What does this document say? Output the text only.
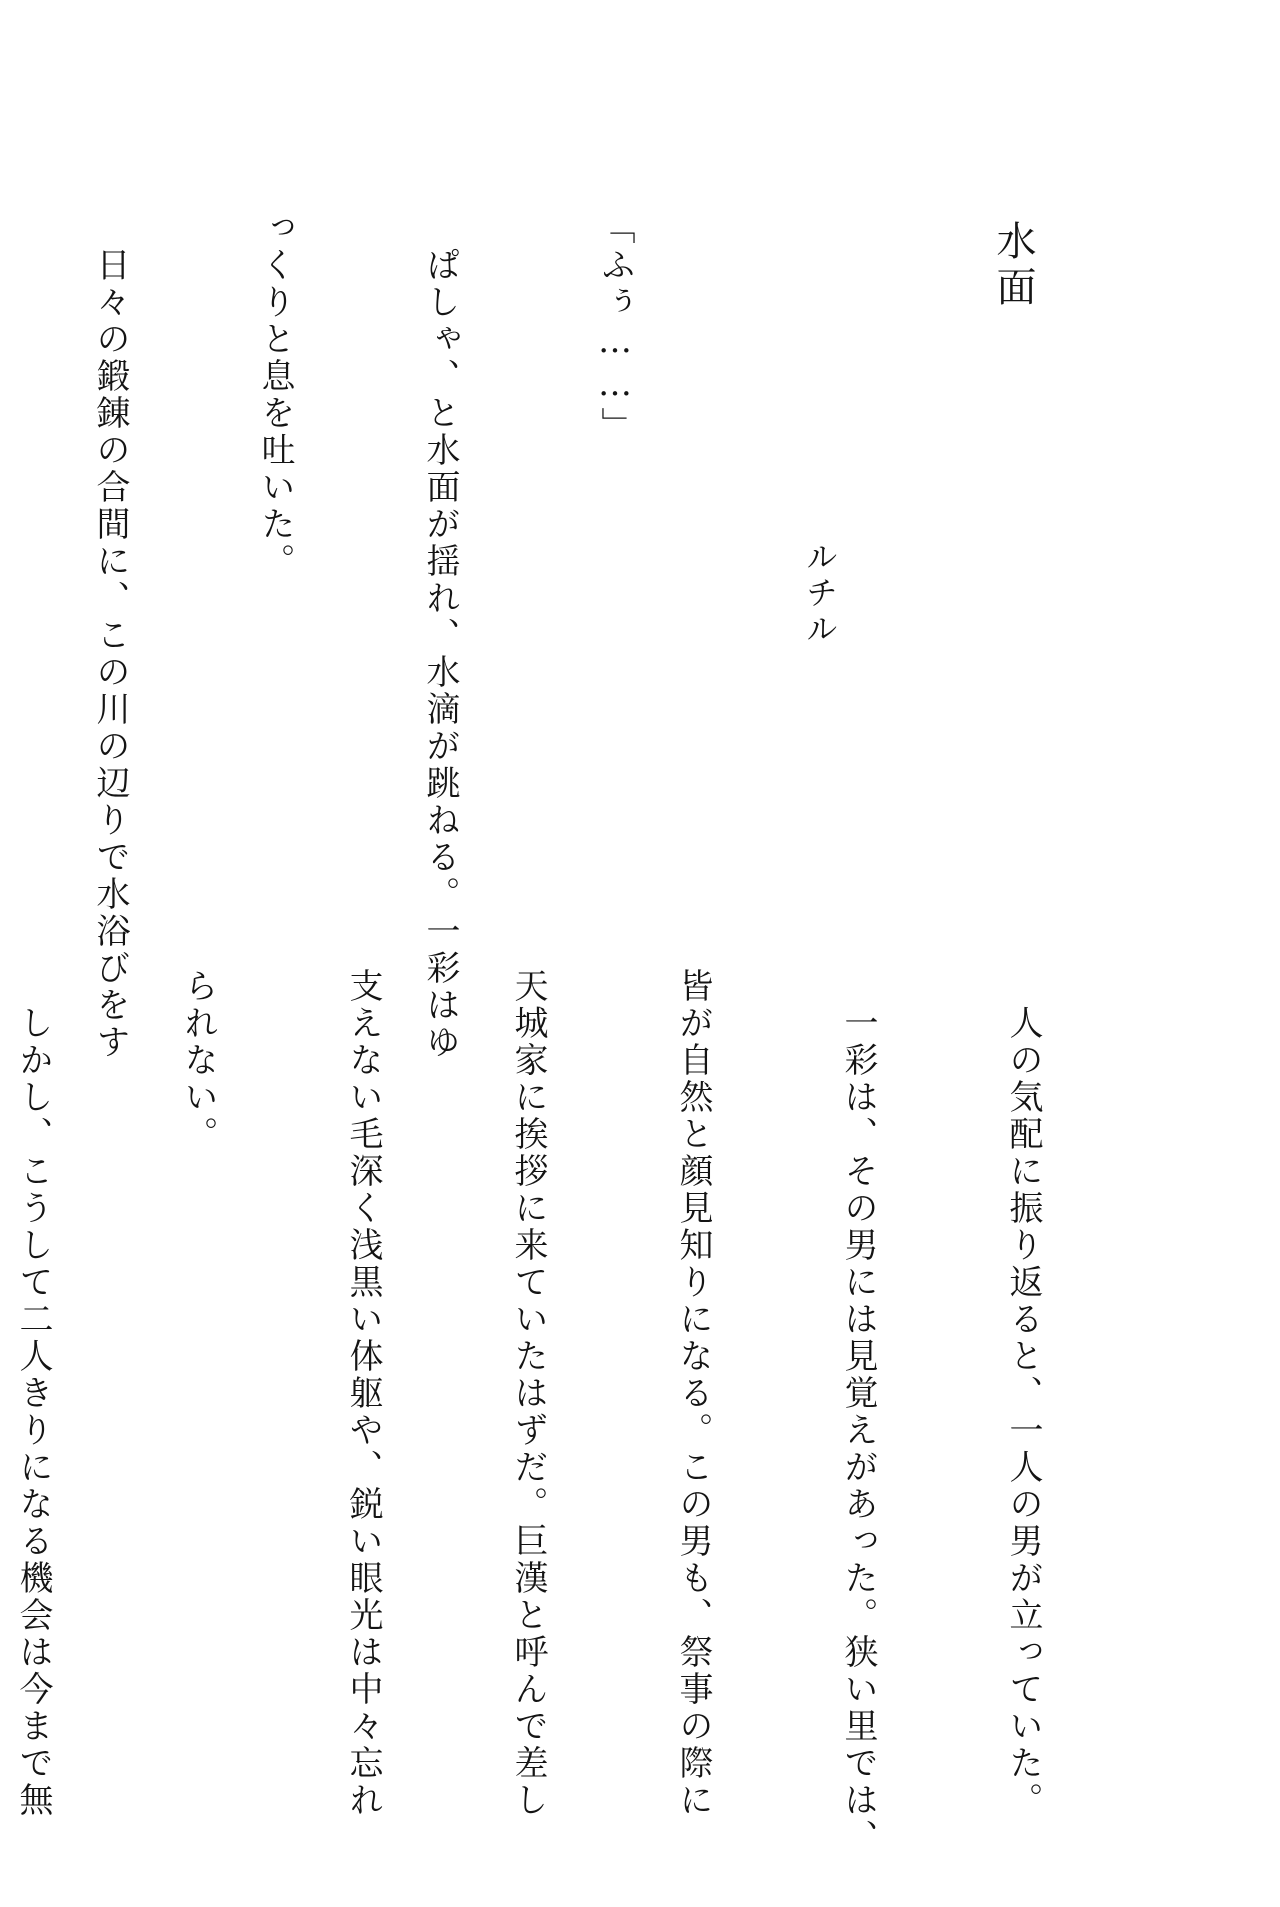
水面

ルチル

「ふぅ……」

　ぱしゃ、と水面が揺れ、水滴が跳ねる。一彩はゆ

っくりと息を吐いた。

　日々の鍛錬の合間に、この川の辺りで水浴びをす

　人の気配に振り返ると、一人の男が立っていた。

　一彩は、その男には見覚えがあった。狭い里では、

皆が自然と顔見知りになる。この男も、祭事の際に

天城家に挨拶に来ていたはずだ。巨漢と呼んで差し

支えない毛深く浅黒い体躯や、鋭い眼光は中々忘れ

られない。

　しかし、こうして二人きりになる機会は今まで無
